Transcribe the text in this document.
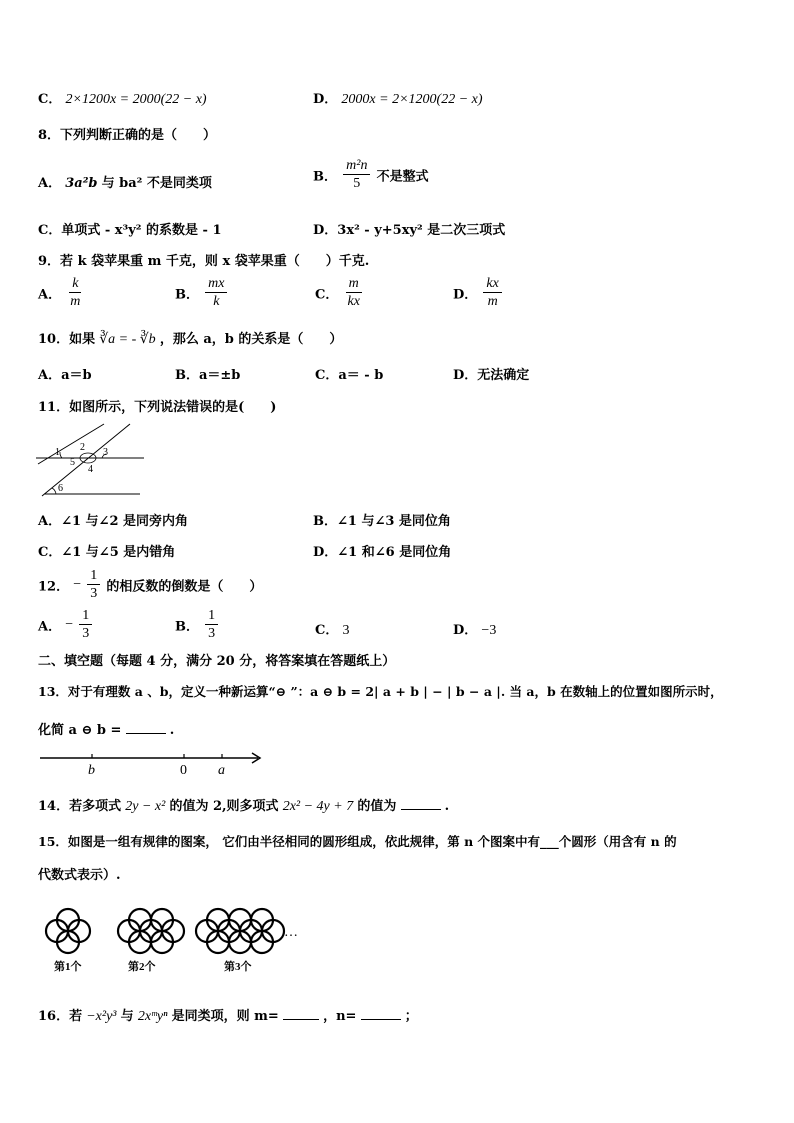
C． 2×1200x = 2000(22 − x)	D． 2000x = 2×1200(22 − x)
8．下列判断正确的是（　　）
A． 3a²b 与 ba² 不是同类项	B． $\frac{\text{m²n}}{5}$ 不是整式
C．单项式 - x³y² 的系数是 - 1	D．3x² - y+5xy² 是二次三项式
9．若 k 袋苹果重 m 千克，则 x 袋苹果重（　　）千克.
A． $\frac{k}{m}$	B． $\frac{mx}{k}$	C． $\frac{m}{kx}$	D． $\frac{kx}{m}$
10．如果 ∛a = - ∛b ，那么 a，b 的关系是（　　）
A．a＝b	B．a＝±b	C．a＝ - b	D．无法确定
11．如图所示，下列说法错误的是(　　)
1 2 3
4
5
6
A．∠1 与∠2 是同旁内角	B．∠1 与∠3 是同位角
C．∠1 与∠5 是内错角	D．∠1 和∠6 是同位角
12． − $\frac{1}{3}$ 的相反数的倒数是（　　）
A． − $\frac{1}{3}$	B． $\frac{1}{3}$	C． 3	D． −3
二、填空题（每题 4 分，满分 20 分，将答案填在答题纸上）
13．对于有理数 a 、b，定义一种新运算“⊖ ”：a ⊖ b = 2| a + b | − | b − a |. 当 a，b 在数轴上的位置如图所示时，
化简 a ⊖ b =	.
b	0 a
14．若多项式 2y − x² 的值为 2,则多项式 2x² − 4y + 7 的值为	.
15．如图是一组有规律的图案， 它们由半径相同的圆形组成，依此规律，第 n 个图案中有___个圆形（用含有 n 的
代数式表示）.
…
第1个	第2个	第3个
16．若 −x²y³ 与 2xᵐyⁿ 是同类项，则 m=	，n=	；
